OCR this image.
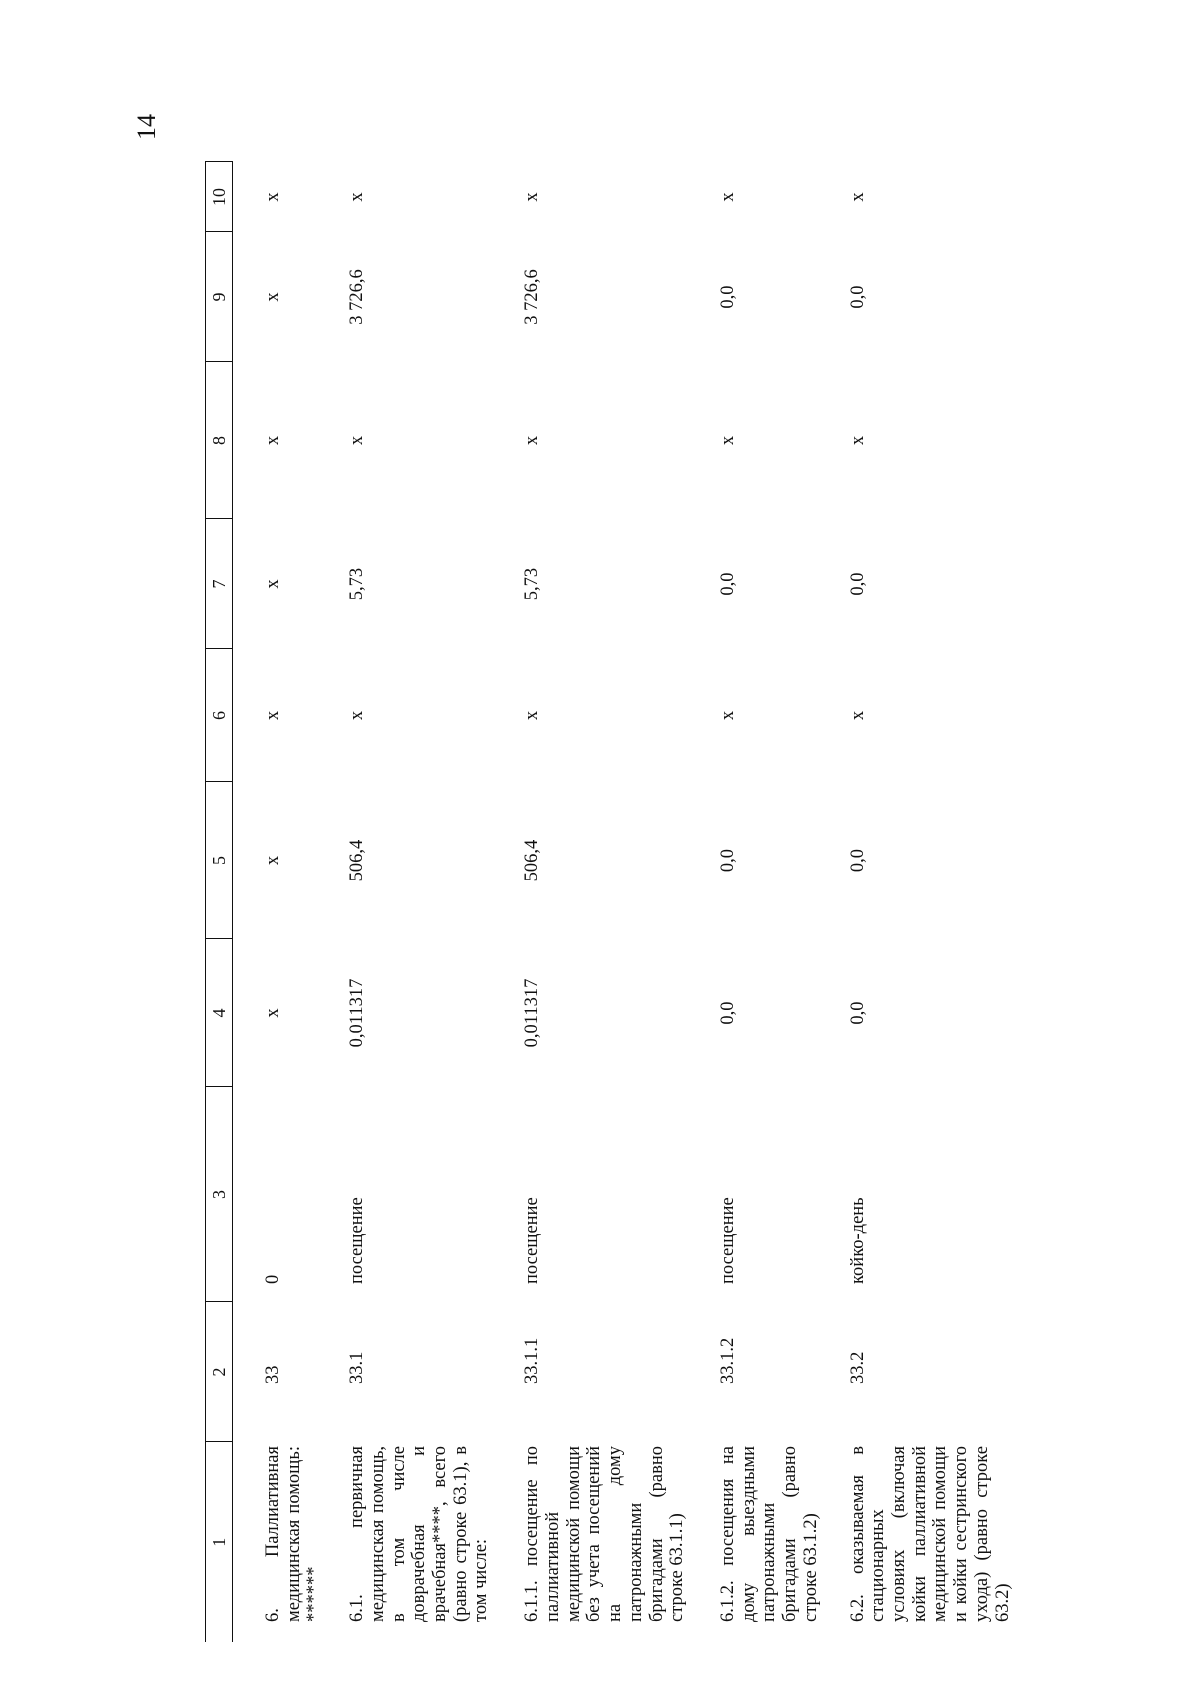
14
1	2	3	4	5	6	7	8	9	10
6. Паллиативная медицинская помощь: ******	33	0	x	x	x	x	x	x	x
6.1. первичная медицинская помощь, в том числе доврачебная и врачебная****, всего (равно строке 63.1), в том числе:	33.1	посещение	0,011317	506,4	x	5,73	x	3 726,6	x
6.1.1. посещение по паллиативной медицинской помощи без учета посещений на дому патронажными бригадами (равно строке 63.1.1)	33.1.1	посещение	0,011317	506,4	x	5,73	x	3 726,6	x
6.1.2. посещения на дому выездными патронажными бригадами (равно строке 63.1.2)	33.1.2	посещение	0,0	0,0	x	0,0	x	0,0	x
6.2. оказываемая в стационарных условиях (включая койки паллиативной медицинской помощи и койки сестринского ухода) (равно строке 63.2)	33.2	койко-день	0,0	0,0	x	0,0	x	0,0	x
